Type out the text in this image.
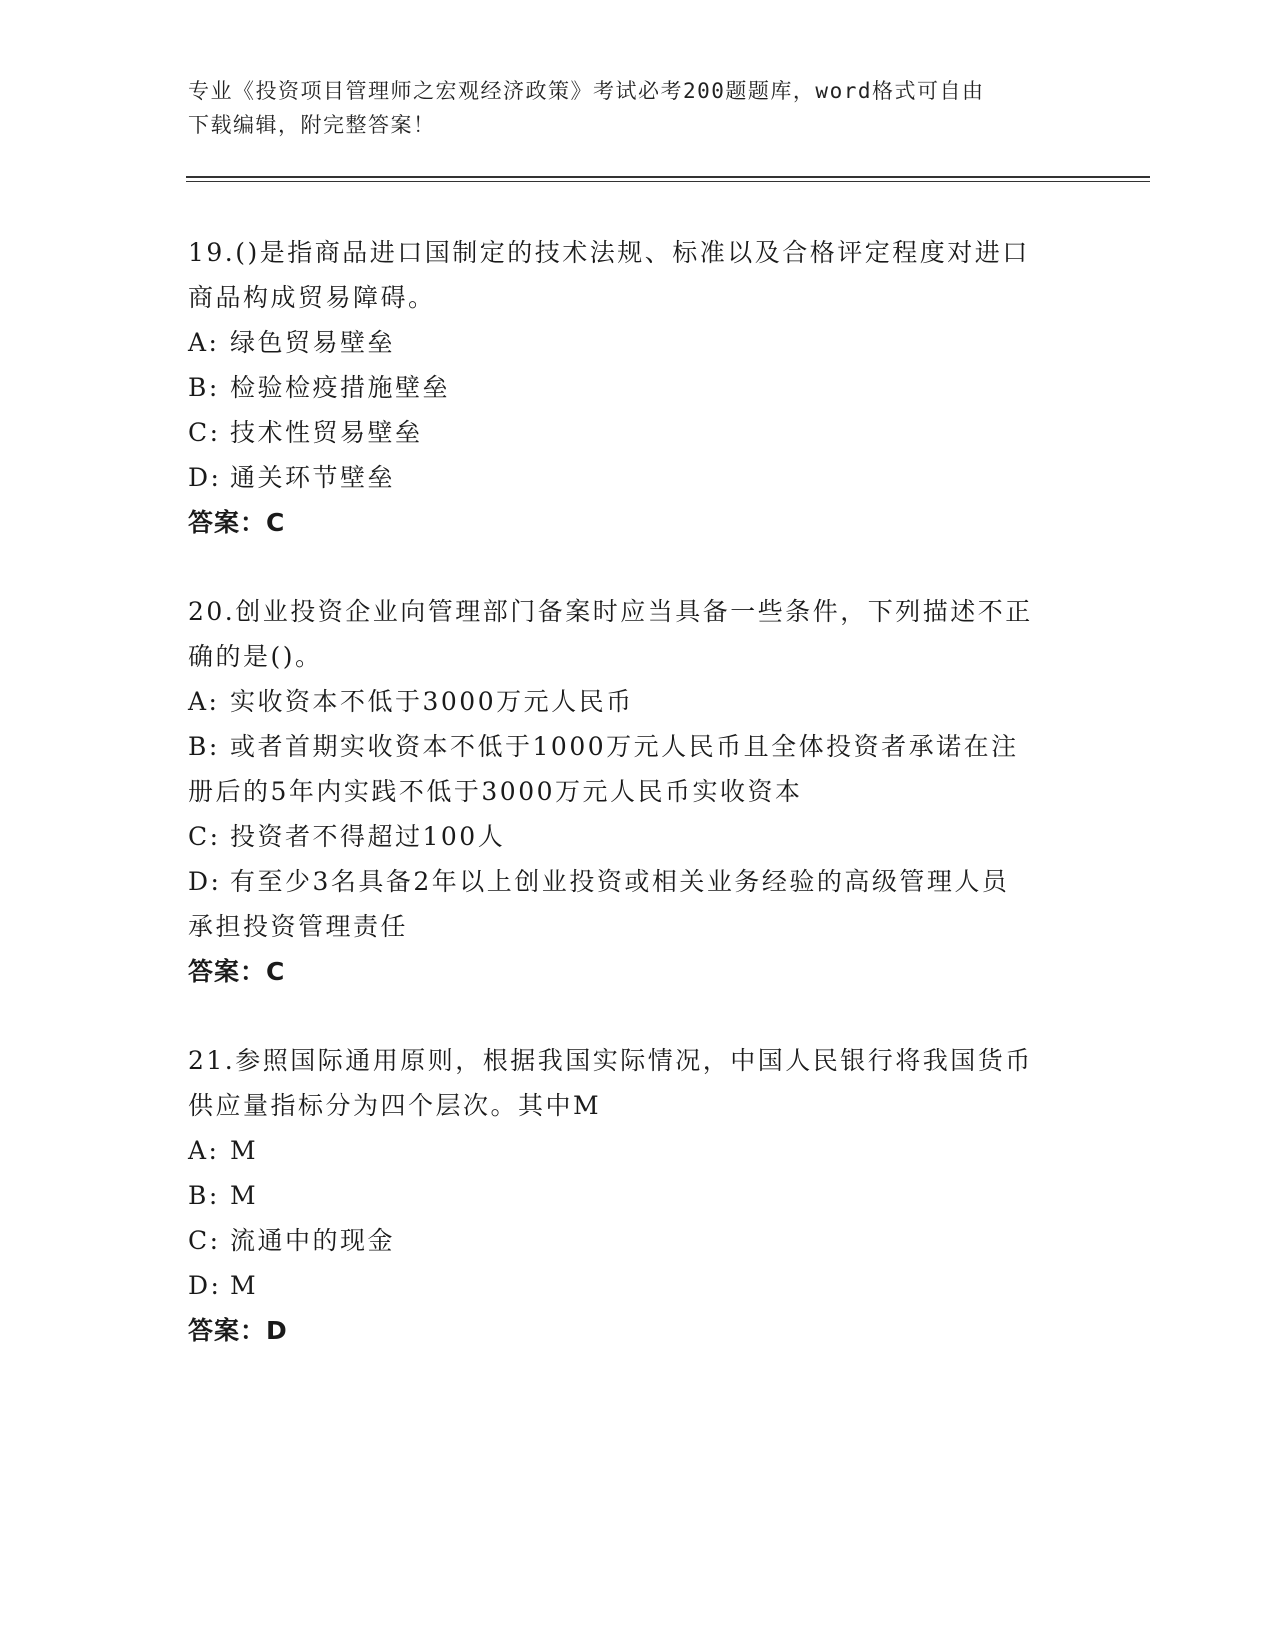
专业《投资项目管理师之宏观经济政策》考试必考200题题库，word格式可自由
下载编辑，附完整答案！

19.()是指商品进口国制定的技术法规、标准以及合格评定程度对进口

商品构成贸易障碍。

A: 绿色贸易壁垒

B: 检验检疫措施壁垒

C: 技术性贸易壁垒

D: 通关环节壁垒

答案：C

20.创业投资企业向管理部门备案时应当具备一些条件，下列描述不正

确的是()。

A: 实收资本不低于3000万元人民币

B: 或者首期实收资本不低于1000万元人民币且全体投资者承诺在注

册后的5年内实践不低于3000万元人民币实收资本

C: 投资者不得超过100人

D: 有至少3名具备2年以上创业投资或相关业务经验的高级管理人员

承担投资管理责任

答案：C

21.参照国际通用原则，根据我国实际情况，中国人民银行将我国货币

供应量指标分为四个层次。其中M

A: M

B: M

C: 流通中的现金

D: M

答案：D
